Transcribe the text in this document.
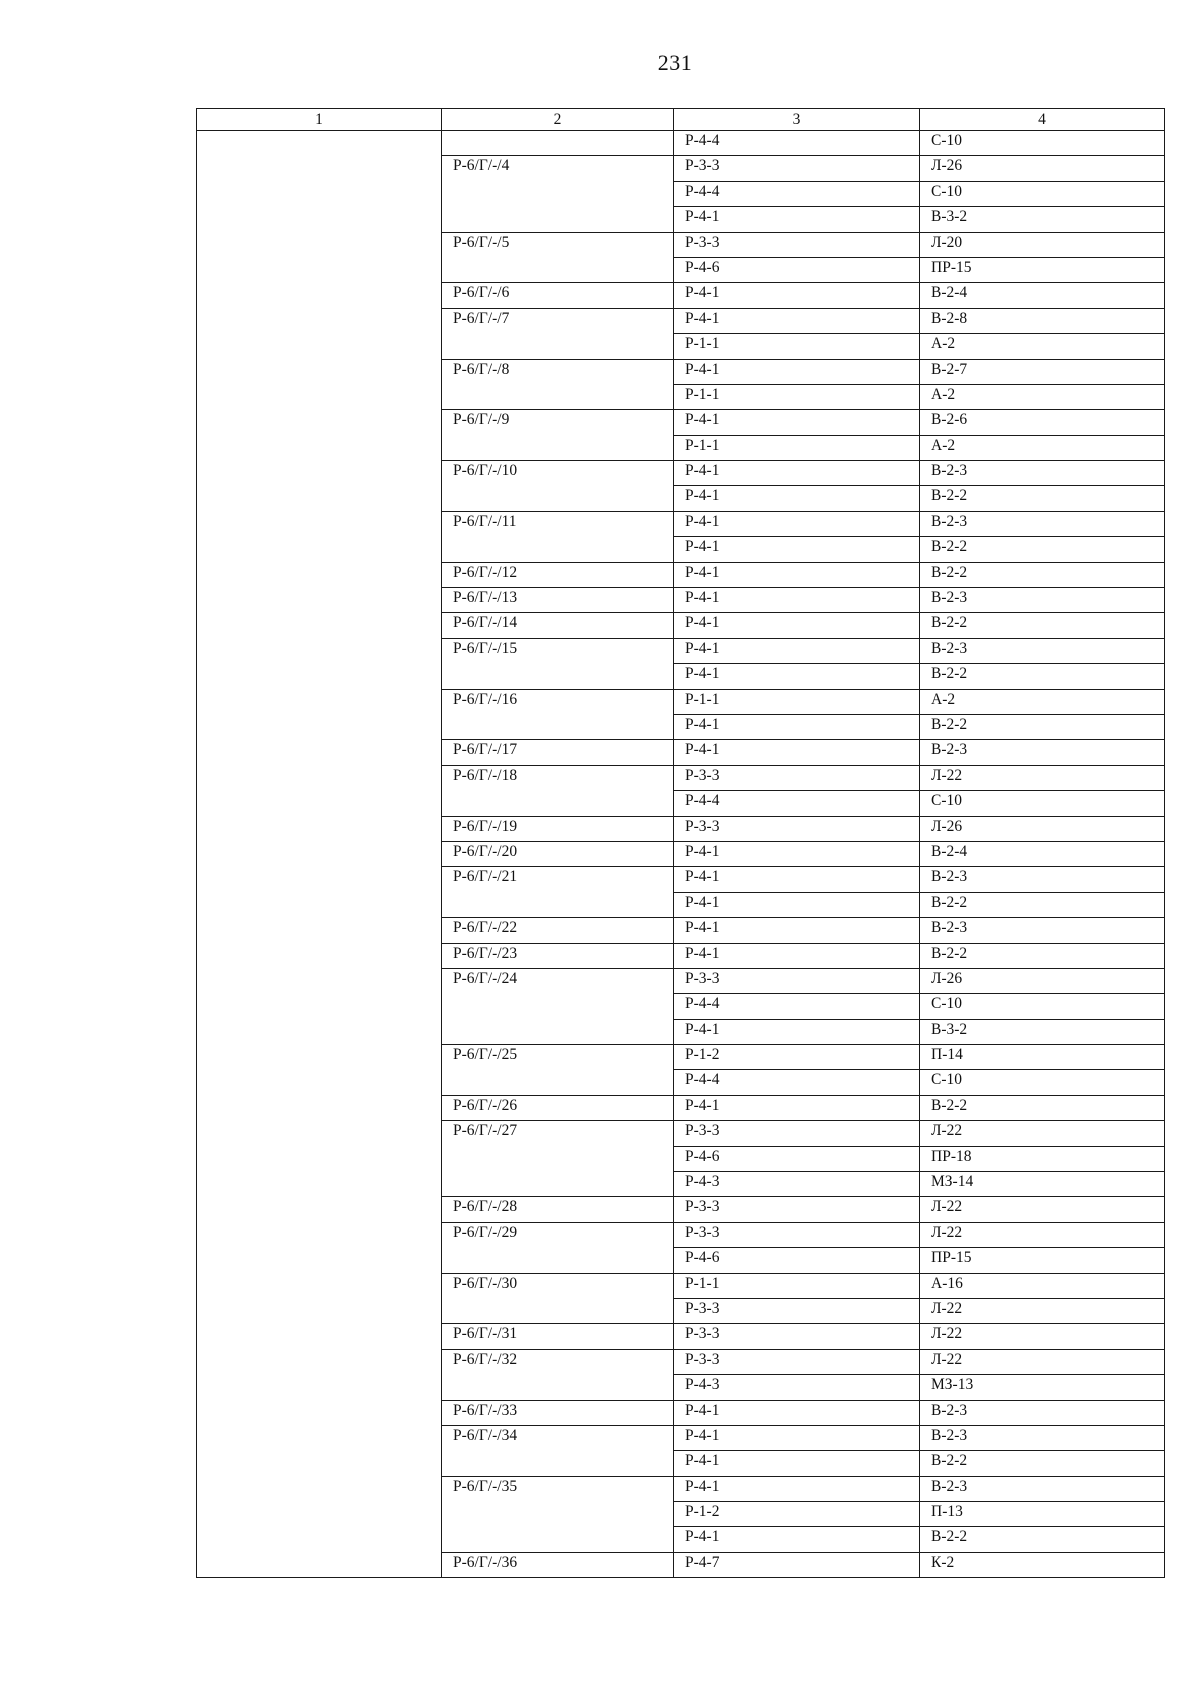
231
1	2	3	4
		Р-4-4	С-10
	Р-6/Г/-/4	Р-3-3	Л-26
		Р-4-4	С-10
		Р-4-1	В-3-2
	Р-6/Г/-/5	Р-3-3	Л-20
		Р-4-6	ПР-15
	Р-6/Г/-/6	Р-4-1	В-2-4
	Р-6/Г/-/7	Р-4-1	В-2-8
		Р-1-1	А-2
	Р-6/Г/-/8	Р-4-1	В-2-7
		Р-1-1	А-2
	Р-6/Г/-/9	Р-4-1	В-2-6
		Р-1-1	А-2
	Р-6/Г/-/10	Р-4-1	В-2-3
		Р-4-1	В-2-2
	Р-6/Г/-/11	Р-4-1	В-2-3
		Р-4-1	В-2-2
	Р-6/Г/-/12	Р-4-1	В-2-2
	Р-6/Г/-/13	Р-4-1	В-2-3
	Р-6/Г/-/14	Р-4-1	В-2-2
	Р-6/Г/-/15	Р-4-1	В-2-3
		Р-4-1	В-2-2
	Р-6/Г/-/16	Р-1-1	А-2
		Р-4-1	В-2-2
	Р-6/Г/-/17	Р-4-1	В-2-3
	Р-6/Г/-/18	Р-3-3	Л-22
		Р-4-4	С-10
	Р-6/Г/-/19	Р-3-3	Л-26
	Р-6/Г/-/20	Р-4-1	В-2-4
	Р-6/Г/-/21	Р-4-1	В-2-3
		Р-4-1	В-2-2
	Р-6/Г/-/22	Р-4-1	В-2-3
	Р-6/Г/-/23	Р-4-1	В-2-2
	Р-6/Г/-/24	Р-3-3	Л-26
		Р-4-4	С-10
		Р-4-1	В-3-2
	Р-6/Г/-/25	Р-1-2	П-14
		Р-4-4	С-10
	Р-6/Г/-/26	Р-4-1	В-2-2
	Р-6/Г/-/27	Р-3-3	Л-22
		Р-4-6	ПР-18
		Р-4-3	МЗ-14
	Р-6/Г/-/28	Р-3-3	Л-22
	Р-6/Г/-/29	Р-3-3	Л-22
		Р-4-6	ПР-15
	Р-6/Г/-/30	Р-1-1	А-16
		Р-3-3	Л-22
	Р-6/Г/-/31	Р-3-3	Л-22
	Р-6/Г/-/32	Р-3-3	Л-22
		Р-4-3	МЗ-13
	Р-6/Г/-/33	Р-4-1	В-2-3
	Р-6/Г/-/34	Р-4-1	В-2-3
		Р-4-1	В-2-2
	Р-6/Г/-/35	Р-4-1	В-2-3
		Р-1-2	П-13
		Р-4-1	В-2-2
	Р-6/Г/-/36	Р-4-7	К-2
